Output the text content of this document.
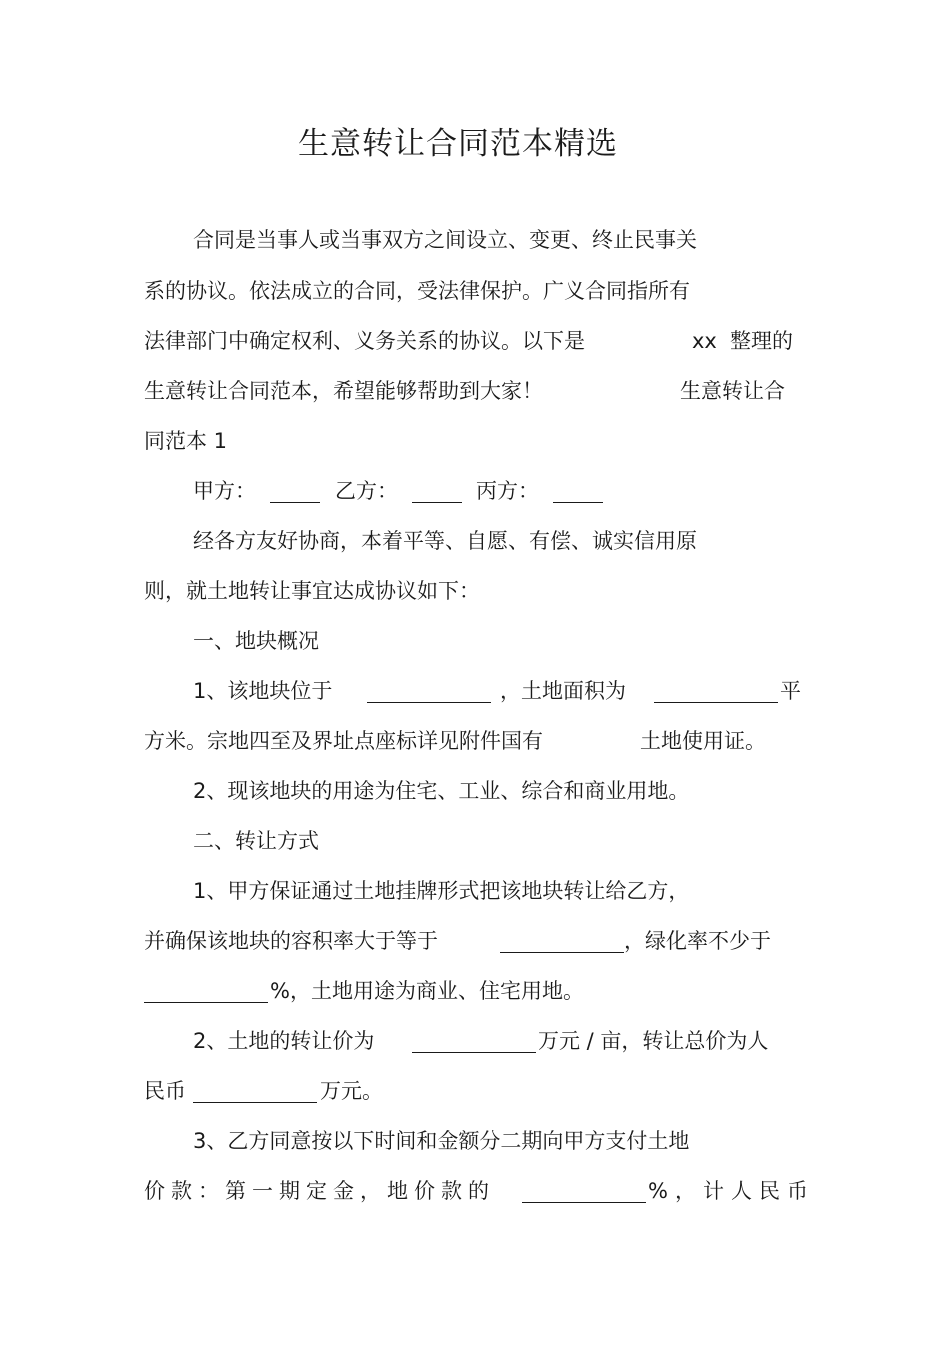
生意转让合同范本精选
合同是当事人或当事双方之间设立、变更、终止民事关
系的协议。依法成立的合同，受法律保护。广义合同指所有
法律部门中确定权利、义务关系的协议。以下是	xx 整理的
生意转让合同范本，希望能够帮助到大家！	生意转让合
同范本 1
甲方：	乙方：	丙方：
经各方友好协商，本着平等、自愿、有偿、诚实信用原
则，就土地转让事宜达成协议如下：
一、地块概况
1、该地块位于	，土地面积为	平
方米。宗地四至及界址点座标详见附件国有	土地使用证。
2、现该地块的用途为住宅、工业、综合和商业用地。
二、转让方式
1、甲方保证通过土地挂牌形式把该地块转让给乙方，
并确保该地块的容积率大于等于	，绿化率不少于
%，土地用途为商业、住宅用地。
2、土地的转让价为	万元 / 亩，转让总价为人
民币	万元。
3、乙方同意按以下时间和金额分二期向甲方支付土地
价款：第一期定金，地价款的	%，计人民币
